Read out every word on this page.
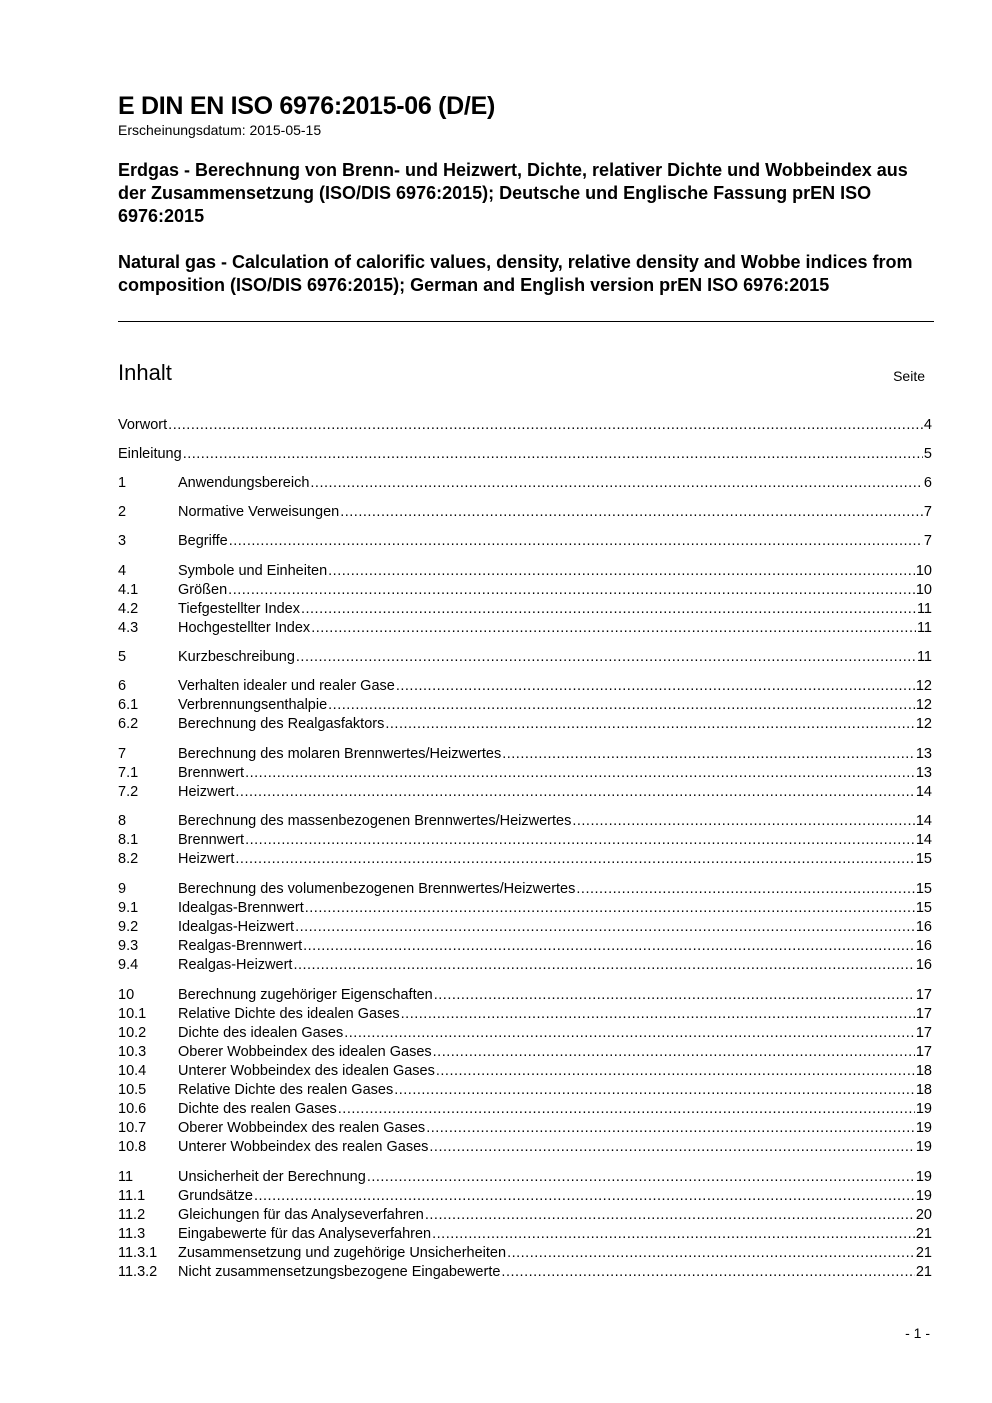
E DIN EN ISO 6976:2015-06 (D/E)
Erscheinungsdatum: 2015-05-15
Erdgas - Berechnung von Brenn- und Heizwert, Dichte, relativer Dichte und Wobbeindex aus der Zusammensetzung (ISO/DIS 6976:2015); Deutsche und Englische Fassung prEN ISO 6976:2015
Natural gas - Calculation of calorific values, density, relative density and Wobbe indices from composition (ISO/DIS 6976:2015); German and English version prEN ISO 6976:2015
Inhalt	Seite
Vorwort .....	4
Einleitung .....	5
1	Anwendungsbereich .....	6
2	Normative Verweisungen .....	7
3	Begriffe .....	7
4	Symbole und Einheiten .....	10
4.1	Größen .....	10
4.2	Tiefgestellter Index .....	11
4.3	Hochgestellter Index .....	11
5	Kurzbeschreibung .....	11
6	Verhalten idealer und realer Gase .....	12
6.1	Verbrennungsenthalpie .....	12
6.2	Berechnung des Realgasfaktors .....	12
7	Berechnung des molaren Brennwertes/Heizwertes .....	13
7.1	Brennwert .....	13
7.2	Heizwert .....	14
8	Berechnung des massenbezogenen Brennwertes/Heizwertes .....	14
8.1	Brennwert .....	14
8.2	Heizwert .....	15
9	Berechnung des volumenbezogenen Brennwertes/Heizwertes .....	15
9.1	Idealgas-Brennwert .....	15
9.2	Idealgas-Heizwert .....	16
9.3	Realgas-Brennwert .....	16
9.4	Realgas-Heizwert .....	16
10	Berechnung zugehöriger Eigenschaften .....	17
10.1	Relative Dichte des idealen Gases .....	17
10.2	Dichte des idealen Gases .....	17
10.3	Oberer Wobbeindex des idealen Gases .....	17
10.4	Unterer Wobbeindex des idealen Gases .....	18
10.5	Relative Dichte des realen Gases .....	18
10.6	Dichte des realen Gases .....	19
10.7	Oberer Wobbeindex des realen Gases .....	19
10.8	Unterer Wobbeindex des realen Gases .....	19
11	Unsicherheit der Berechnung .....	19
11.1	Grundsätze .....	19
11.2	Gleichungen für das Analyseverfahren .....	20
11.3	Eingabewerte für das Analyseverfahren .....	21
11.3.1	Zusammensetzung und zugehörige Unsicherheiten .....	21
11.3.2	Nicht zusammensetzungsbezogene Eingabewerte .....	21
- 1 -
